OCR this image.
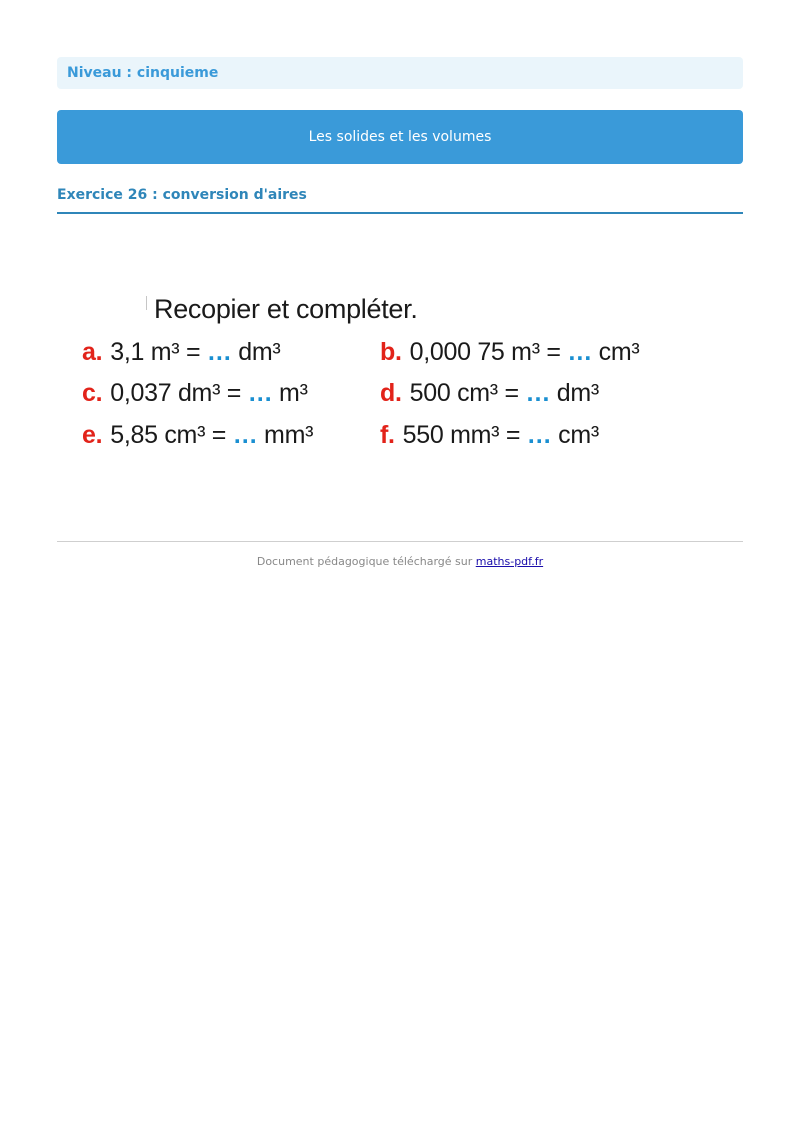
Niveau : cinquieme
Les solides et les volumes
Exercice 26 : conversion d'aires
Recopier et compléter.
a. 3,1 m³ = … dm³	b. 0,000 75 m³ = … cm³
c. 0,037 dm³ = … m³	d. 500 cm³ = … dm³
e. 5,85 cm³ = … mm³	f. 550 mm³ = … cm³
Document pédagogique téléchargé sur maths-pdf.fr
